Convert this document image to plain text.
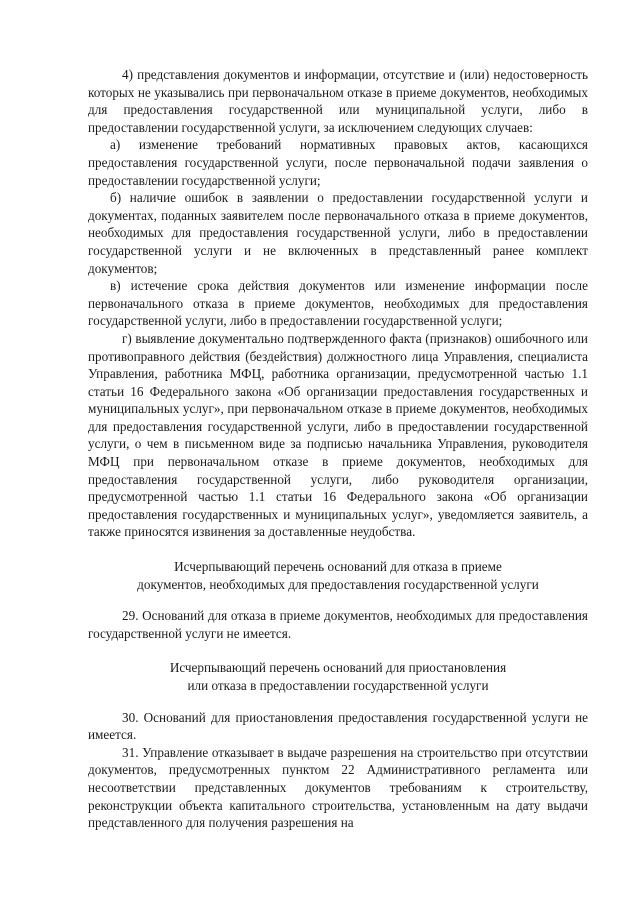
4) представления документов и информации, отсутствие и (или) недостоверность которых не указывались при первоначальном отказе в приеме документов, необходимых для предоставления государственной или муниципальной услуги, либо в предоставлении государственной услуги, за исключением следующих случаев:

а) изменение требований нормативных правовых актов, касающихся предоставления государственной услуги, после первоначальной подачи заявления о предоставлении государственной услуги;

б) наличие ошибок в заявлении о предоставлении государственной услуги и документах, поданных заявителем после первоначального отказа в приеме документов, необходимых для предоставления государственной услуги, либо в предоставлении государственной услуги и не включенных в представленный ранее комплект документов;

в) истечение срока действия документов или изменение информации после первоначального отказа в приеме документов, необходимых для предоставления государственной услуги, либо в предоставлении государственной услуги;

г) выявление документально подтвержденного факта (признаков) ошибочного или противоправного действия (бездействия) должностного лица Управления, специалиста Управления, работника МФЦ, работника организации, предусмотренной частью 1.1 статьи 16 Федерального закона «Об организации предоставления государственных и муниципальных услуг», при первоначальном отказе в приеме документов, необходимых для предоставления государственной услуги, либо в предоставлении государственной услуги, о чем в письменном виде за подписью начальника Управления, руководителя МФЦ при первоначальном отказе в приеме документов, необходимых для предоставления государственной услуги, либо руководителя организации, предусмотренной частью 1.1 статьи 16 Федерального закона «Об организации предоставления государственных и муниципальных услуг», уведомляется заявитель, а также приносятся извинения за доставленные неудобства.

Исчерпывающий перечень оснований для отказа в приеме

документов, необходимых для предоставления государственной услуги

29. Оснований для отказа в приеме документов, необходимых для предоставления государственной услуги не имеется.

Исчерпывающий перечень оснований для приостановления

или отказа в предоставлении государственной услуги

30. Оснований для приостановления предоставления государственной услуги не имеется.

31. Управление отказывает в выдаче разрешения на строительство при отсутствии документов, предусмотренных пунктом 22 Административного регламента или несоответствии представленных документов требованиям к строительству, реконструкции объекта капитального строительства, установленным на дату выдачи представленного для получения разрешения на
